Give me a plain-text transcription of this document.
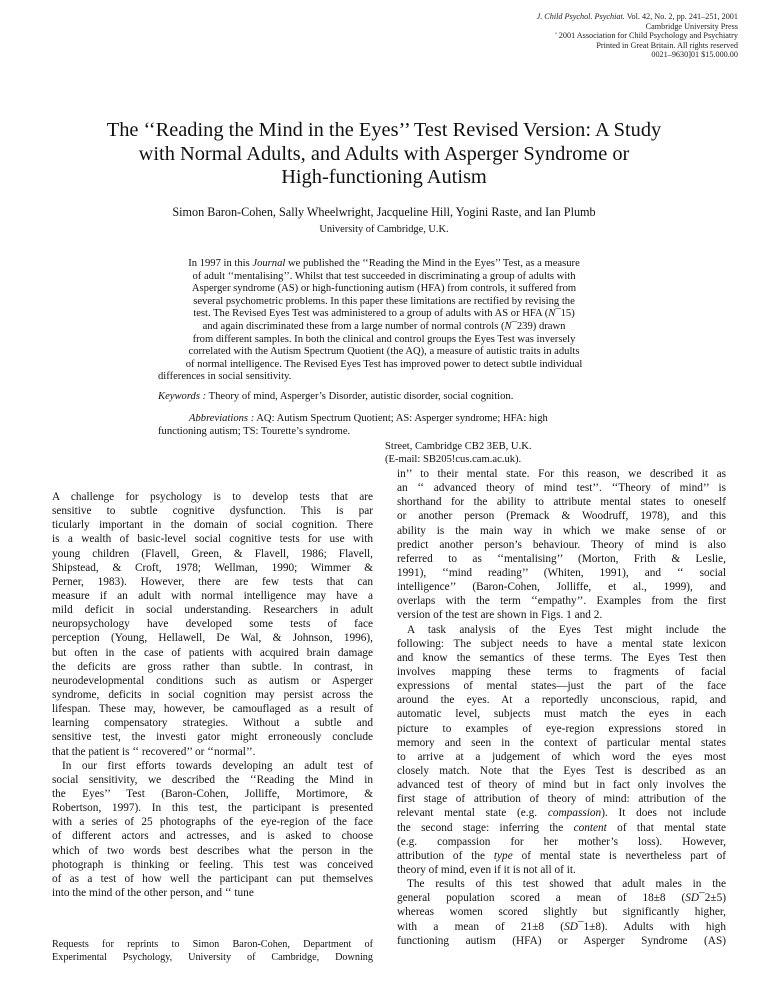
J. Child Psychol. Psychiat. Vol. 42, No. 2, pp. 241–251, 2001
Cambridge University Press
' 2001 Association for Child Psychology and Psychiatry
Printed in Great Britain. All rights reserved
0021–9630]01 $15.000.00
The ‘‘Reading the Mind in the Eyes’’ Test Revised Version: A Study
with Normal Adults, and Adults with Asperger Syndrome or
High-functioning Autism
Simon Baron-Cohen, Sally Wheelwright, Jacqueline Hill, Yogini Raste, and Ian Plumb
University of Cambridge, U.K.
In 1997 in this Journal we published the ‘‘Reading the Mind in the Eyes’’ Test, as a measure
of adult ‘‘mentalising’’. Whilst that test succeeded in discriminating a group of adults with
Asperger syndrome (AS) or high-functioning autism (HFA) from controls, it suffered from
several psychometric problems. In this paper these limitations are rectified by revising the
test. The Revised Eyes Test was administered to a group of adults with AS or HFA (N¯15)
and again discriminated these from a large number of normal controls (N¯239) drawn
from different samples. In both the clinical and control groups the Eyes Test was inversely
correlated with the Autism Spectrum Quotient (the AQ), a measure of autistic traits in adults
of normal intelligence. The Revised Eyes Test has improved power to detect subtle individual
differences in social sensitivity.
Keywords : Theory of mind, Asperger’s Disorder, autistic disorder, social cognition.
Abbreviations : AQ: Autism Spectrum Quotient; AS: Asperger syndrome; HFA: high
functioning autism; TS: Tourette’s syndrome.
Street, Cambridge CB2 3EB, U.K.
(E-mail: SB205!cus.cam.ac.uk).
A challenge for psychology is to develop tests that are
sensitive to subtle cognitive dysfunction. This is par
ticularly important in the domain of social cognition. There
is a wealth of basic-level social cognitive tests for use with
young children (Flavell, Green, & Flavell, 1986; Flavell,
Shipstead, & Croft, 1978; Wellman, 1990; Wimmer &
Perner, 1983). However, there are few tests that can
measure if an adult with normal intelligence may have a
mild deficit in social understanding. Researchers in adult
neuropsychology have developed some tests of face
perception (Young, Hellawell, De Wal, & Johnson, 1996),
but often in the case of patients with acquired brain damage
the deficits are gross rather than subtle. In contrast, in
neurodevelopmental conditions such as autism or Asperger
syndrome, deficits in social cognition may persist across the
lifespan. These may, however, be camouflaged as a result of
learning compensatory strategies. Without a subtle and
sensitive test, the investi gator might erroneously conclude
that the patient is ‘‘ recovered’’ or ‘‘normal’’.
In our first efforts towards developing an adult test of
social sensitivity, we described the ‘‘Reading the Mind in
the Eyes’’ Test (Baron-Cohen, Jolliffe, Mortimore, &
Robertson, 1997). In this test, the participant is presented
with a series of 25 photographs of the eye-region of the face
of different actors and actresses, and is asked to choose
which of two words best describes what the person in the
photograph is thinking or feeling. This test was conceived
of as a test of how well the participant can put themselves
into the mind of the other person, and ‘‘ tune
Requests for reprints to Simon Baron-Cohen, Department of
Experimental Psychology, University of Cambridge, Downing
in’’ to their mental state. For this reason, we described it as
an ‘‘ advanced theory of mind test’’. ‘‘Theory of mind’’ is
shorthand for the ability to attribute mental states to oneself
or another person (Premack & Woodruff, 1978), and this
ability is the main way in which we make sense of or
predict another person’s behaviour. Theory of mind is also
referred to as ‘‘mentalising’’ (Morton, Frith & Leslie,
1991), ‘‘mind reading’’ (Whiten, 1991), and ‘‘ social
intelligence’’ (Baron-Cohen, Jolliffe, et al., 1999), and
overlaps with the term ‘‘empathy’’. Examples from the first
version of the test are shown in Figs. 1 and 2.
A task analysis of the Eyes Test might include the
following: The subject needs to have a mental state lexicon
and know the semantics of these terms. The Eyes Test then
involves mapping these terms to fragments of facial
expressions of mental states—just the part of the face
around the eyes. At a reportedly unconscious, rapid, and
automatic level, subjects must match the eyes in each
picture to examples of eye-region expressions stored in
memory and seen in the context of particular mental states
to arrive at a judgement of which word the eyes most
closely match. Note that the Eyes Test is described as an
advanced test of theory of mind but in fact only involves the
first stage of attribution of theory of mind: attribution of the
relevant mental state (e.g. compassion). It does not include
the second stage: inferring the content of that mental state
(e.g. compassion for her mother’s loss). However,
attribution of the type of mental state is nevertheless part of
theory of mind, even if it is not all of it.
The results of this test showed that adult males in the
general population scored a mean of 18±8 (SD¯2±5)
whereas women scored slightly but significantly higher,
with a mean of 21±8 (SD¯1±8). Adults with high
functioning autism (HFA) or Asperger Syndrome (AS)
